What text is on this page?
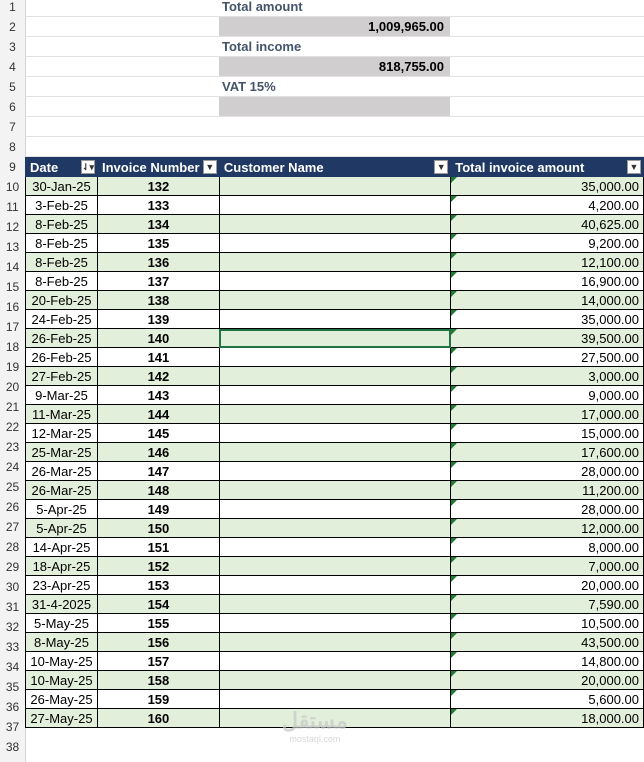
1
2
3
4
5
6
7
8
9
10
11
12
13
14
15
16
17
18
19
20
21
22
23
24
25
26
27
28
29
30
31
32
33
34
35
36
37
38
Total amount
1,009,965.00
Total income
818,755.00
VAT 15%
Date ⇃▾	Invoice Number ▼	Customer Name ▼	Total invoice amount ▼

30-Jan-25	132		35,000.00
3-Feb-25	133		4,200.00
8-Feb-25	134		40,625.00
8-Feb-25	135		9,200.00
8-Feb-25	136		12,100.00
8-Feb-25	137		16,900.00
20-Feb-25	138		14,000.00
24-Feb-25	139		35,000.00
26-Feb-25	140		39,500.00
26-Feb-25	141		27,500.00
27-Feb-25	142		3,000.00
9-Mar-25	143		9,000.00
11-Mar-25	144		17,000.00
12-Mar-25	145		15,000.00
25-Mar-25	146		17,600.00
26-Mar-25	147		28,000.00
26-Mar-25	148		11,200.00
5-Apr-25	149		28,000.00
5-Apr-25	150		12,000.00
14-Apr-25	151		8,000.00
18-Apr-25	152		7,000.00
23-Apr-25	153		20,000.00
31-4-2025	154		7,590.00
5-May-25	155		10,500.00
8-May-25	156		43,500.00
10-May-25	157		14,800.00
10-May-25	158		20,000.00
26-May-25	159		5,600.00
27-May-25	160		18,000.00
مستقل
mostaql.com
